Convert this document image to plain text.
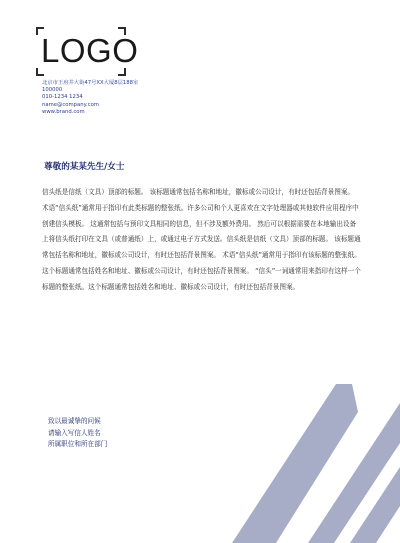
LOGO
北京市王府井大街47号XX大厦8层188室
100000
010-1234 1234
name@company.com
www.brand.com
尊敬的某某先生/女士
信头纸是信纸（文具）顶部的标题。 该标题通常包括名称和地址，徽标或公司设计，有时还包括背景图案。 术语“信头纸”通常用于指印有此类标题的整张纸。许多公司和个人更喜欢在文字处理器或其他软件应用程序中创建信头模板。 这通常包括与预印文具相同的信息，但不涉及额外费用。 然后可以根据需要在本地输出设备上将信头纸打印在文具（或普通纸）上，或通过电子方式发送。信头纸是信纸（文具）顶部的标题。 该标题通常包括名称和地址，徽标或公司设计，有时还包括背景图案。 术语“信头纸”通常用于指印有该标题的整张纸。这个标题通常包括姓名和地址、徽标或公司设计，有时还包括背景图案。 “信头”一词通常用来指印有这样一个标题的整张纸。这个标题通常包括姓名和地址、徽标或公司设计，有时还包括背景图案。
致以最诚挚的问候
请输入写信人姓名
所属职位和所在部门
